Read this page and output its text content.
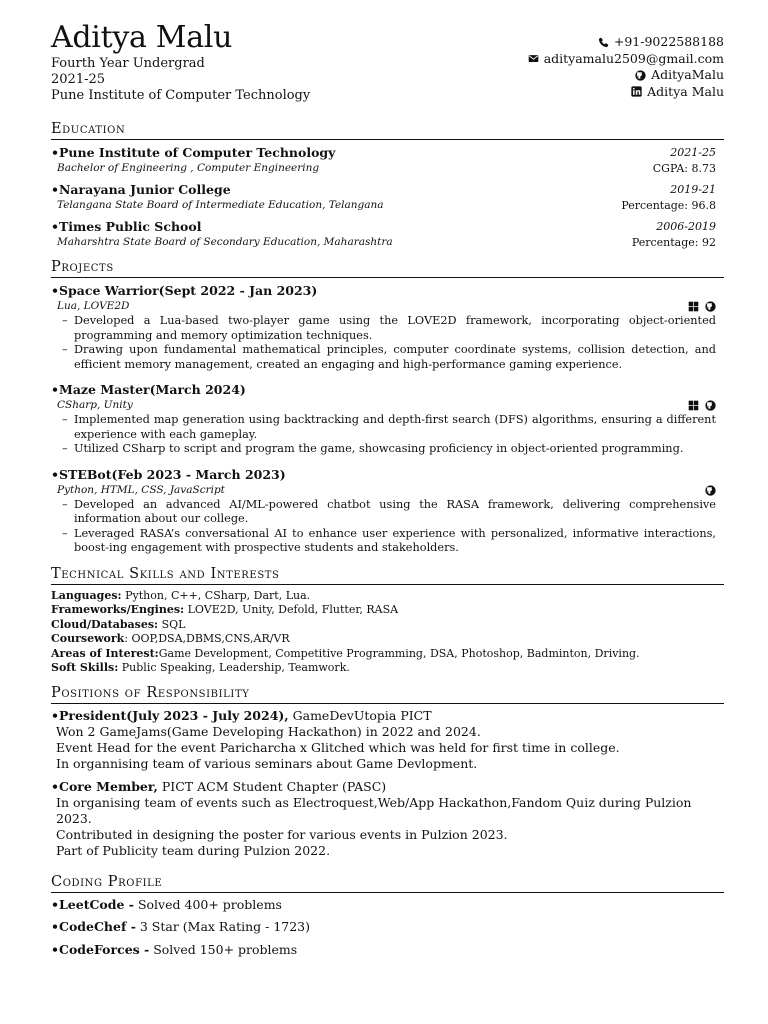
Aditya Malu
Fourth Year Undergrad
2021-25
Pune Institute of Computer Technology
+91-9022588188
adityamalu2509@gmail.com
AdityaMalu
Aditya Malu
Education
•Pune Institute of Computer Technology	2021-25
Bachelor of Engineering , Computer Engineering	CGPA: 8.73
•Narayana Junior College	2019-21
Telangana State Board of Intermediate Education, Telangana	Percentage: 96.8
•Times Public School	2006-2019
Maharshtra State Board of Secondary Education, Maharashtra	Percentage: 92
Projects
•Space Warrior(Sept 2022 - Jan 2023)
Lua, LOVE2D
– Developed a Lua-based two-player game using the LOVE2D framework, incorporating object-oriented programming and memory optimization techniques.
– Drawing upon fundamental mathematical principles, computer coordinate systems, collision detection, and efficient memory management, created an engaging and high-performance gaming experience.
•Maze Master(March 2024)
CSharp, Unity
– Implemented map generation using backtracking and depth-first search (DFS) algorithms, ensuring a different experience with each gameplay.
– Utilized CSharp to script and program the game, showcasing proficiency in object-oriented programming.
•STEBot(Feb 2023 - March 2023)
Python, HTML, CSS, JavaScript
– Developed an advanced AI/ML-powered chatbot using the RASA framework, delivering comprehensive information about our college.
– Leveraged RASA’s conversational AI to enhance user experience with personalized, informative interactions, boost-ing engagement with prospective students and stakeholders.
Technical Skills and Interests
Languages: Python, C++, CSharp, Dart, Lua.
Frameworks/Engines: LOVE2D, Unity, Defold, Flutter, RASA
Cloud/Databases: SQL
Coursework: OOP,DSA,DBMS,CNS,AR/VR
Areas of Interest:Game Development, Competitive Programming, DSA, Photoshop, Badminton, Driving.
Soft Skills: Public Speaking, Leadership, Teamwork.
Positions of Responsibility
•President(July 2023 - July 2024), GameDevUtopia PICT
Won 2 GameJams(Game Developing Hackathon) in 2022 and 2024.
Event Head for the event Paricharcha x Glitched which was held for first time in college.
In organnising team of various seminars about Game Devlopment.
•Core Member, PICT ACM Student Chapter (PASC)
In organising team of events such as Electroquest,Web/App Hackathon,Fandom Quiz during Pulzion 2023.
Contributed in designing the poster for various events in Pulzion 2023.
Part of Publicity team during Pulzion 2022.
Coding Profile
•LeetCode - Solved 400+ problems
•CodeChef - 3 Star (Max Rating - 1723)
•CodeForces - Solved 150+ problems
